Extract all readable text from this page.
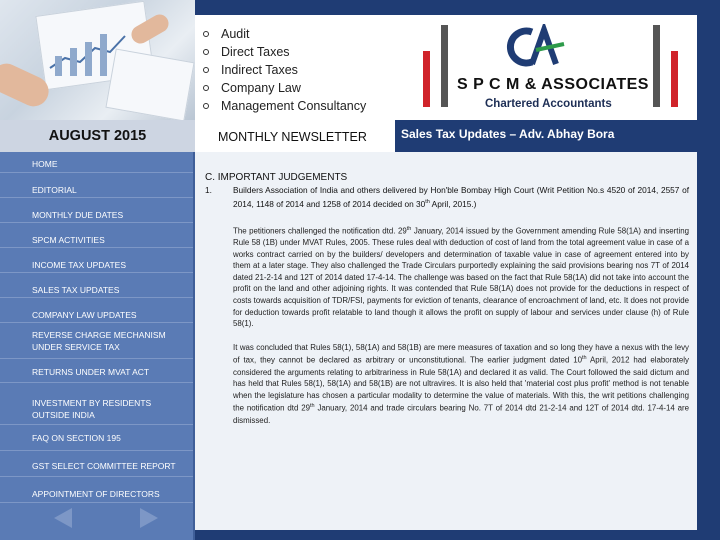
Audit
Direct Taxes
Indirect Taxes
Company Law
Management Consultancy
S P C M & ASSOCIATES
Chartered Accountants
AUGUST 2015	MONTHLY NEWSLETTER	Sales Tax Updates – Adv. Abhay Bora
HOME
EDITORIAL
MONTHLY DUE DATES
SPCM ACTIVITIES
INCOME TAX UPDATES
SALES TAX UPDATES
COMPANY LAW UPDATES
REVERSE CHARGE MECHANISM UNDER SERVICE TAX
RETURNS UNDER MVAT ACT
INVESTMENT BY RESIDENTS OUTSIDE INDIA
FAQ ON SECTION 195
GST SELECT COMMITTEE REPORT
APPOINTMENT OF DIRECTORS
C. IMPORTANT JUDGEMENTS
1.	Builders Association of India and others delivered by Hon'ble Bombay High Court (Writ Petition No.s 4520 of 2014, 2557 of 2014, 1148 of 2014 and 1258 of 2014 decided on 30th April, 2015.)

The petitioners challenged the notification dtd. 29th January, 2014 issued by the Government amending Rule 58(1A) and inserting Rule 58 (1B) under MVAT Rules, 2005. These rules deal with deduction of cost of land from the total agreement value in case of a works contract carried on by the builders/ developers and determination of taxable value in case of agreement entered into by them at a later stage. They also challenged the Trade Circulars purportedly explaining the said provisions bearing nos 7T of 2014 dated 21-2-14 and 12T of 2014 dated 17-4-14. The challenge was based on the fact that Rule 58(1A) did not take into account the profit on the land and other adjoining rights. It was contended that Rule 58(1A) does not provide for the deductions in respect of costs towards acquisition of TDR/FSI, payments for eviction of tenants, clearance of encroachment of land, etc. It does not provide for deduction towards profit relatable to land though it allows the profit on supply of labour and services under clause (h) of Rule 58(1).

It was concluded that Rules 58(1), 58(1A) and 58(1B) are mere measures of taxation and so long they have a nexus with the levy of tax, they cannot be declared as arbitrary or unconstitutional. The earlier judgment dated 10th April, 2012 had elaborately considered the arguments relating to arbitrariness in Rule 58(1A) and declared it as valid. The Court followed the said dictum and has held that Rules 58(1), 58(1A) and 58(1B) are not ultravires. It is also held that 'material cost plus profit' method is not tenable when the legislature has chosen a particular modality to determine the value of materials. With this, the writ petitions challenging the notification dtd 29th January, 2014 and trade circulars bearing No. 7T of 2014 dtd 21-2-14 and 12T of 2014 dtd. 17-4-14 are dismissed.
